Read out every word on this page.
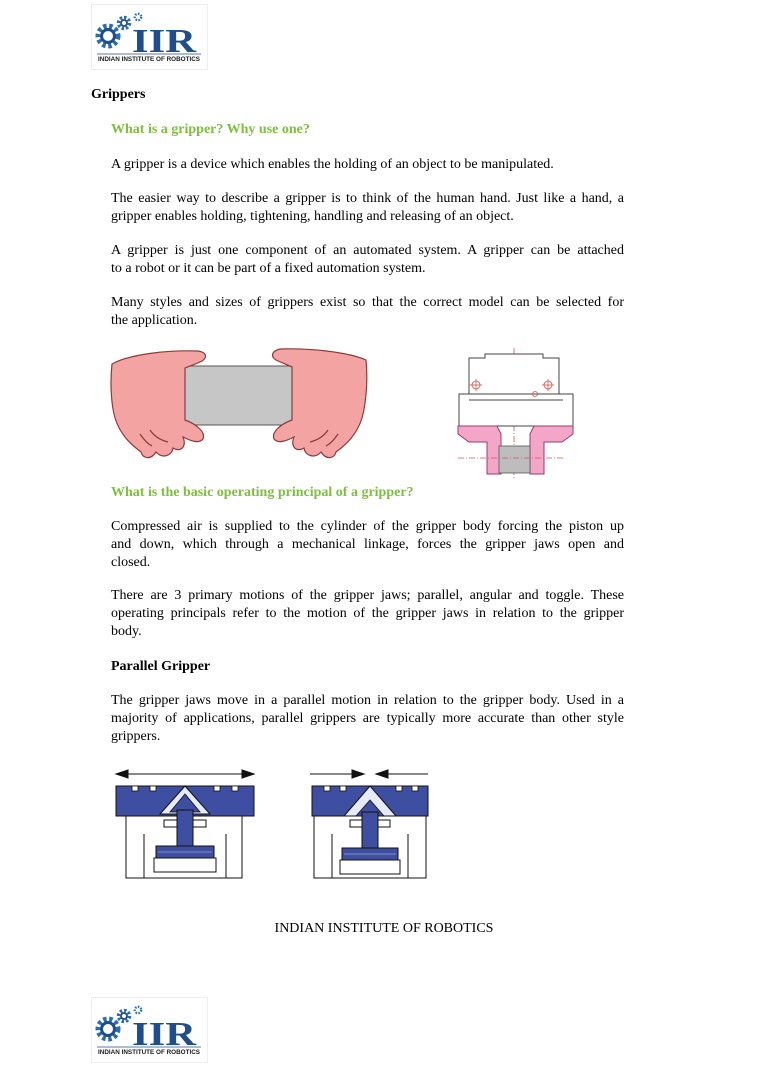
IIR
INDIAN INSTITUTE OF ROBOTICS
Grippers
What is a gripper? Why use one?
A gripper is a device which enables the holding of an object to be manipulated.
The easier way to describe a gripper is to think of the human hand. Just like a hand, a
gripper enables holding, tightening, handling and releasing of an object.
A gripper is just one component of an automated system. A gripper can be attached
to a robot or it can be part of a fixed automation system.
Many styles and sizes of grippers exist so that the correct model can be selected for
the application.
What is the basic operating principal of a gripper?
Compressed air is supplied to the cylinder of the gripper body forcing the piston up
and down, which through a mechanical linkage, forces the gripper jaws open and
closed.
There are 3 primary motions of the gripper jaws; parallel, angular and toggle. These
operating principals refer to the motion of the gripper jaws in relation to the gripper
body.
Parallel Gripper
The gripper jaws move in a parallel motion in relation to the gripper body. Used in a
majority of applications, parallel grippers are typically more accurate than other style
grippers.
INDIAN INSTITUTE OF ROBOTICS
IIR
INDIAN INSTITUTE OF ROBOTICS
